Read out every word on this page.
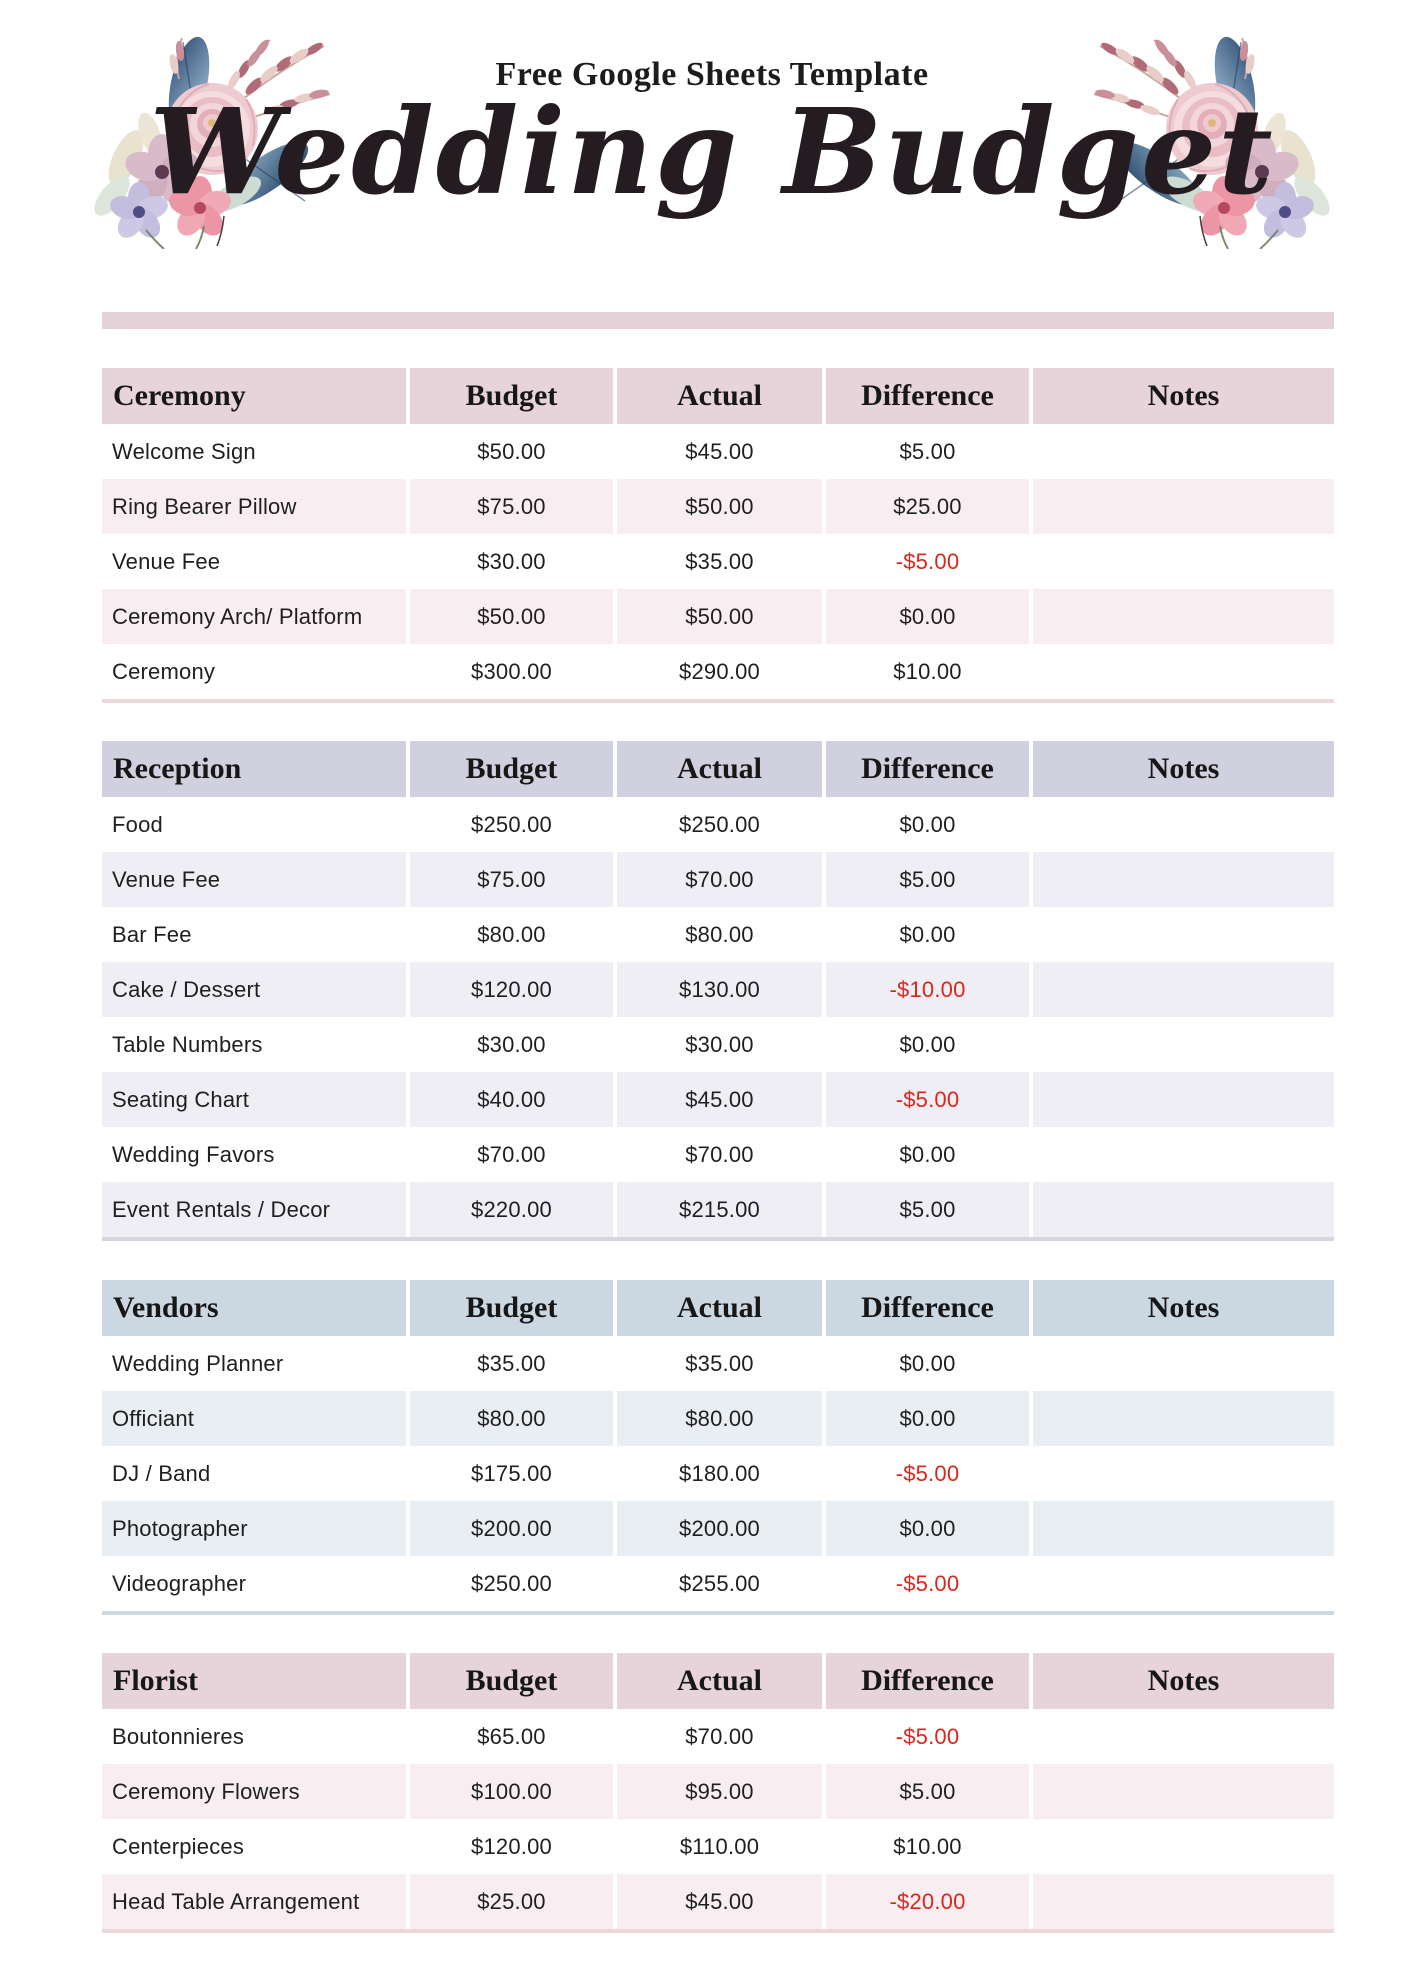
Free Google Sheets Template
Wedding Budget
Ceremony	Budget	Actual	Difference	Notes
Welcome Sign	$50.00	$45.00	$5.00
Ring Bearer Pillow	$75.00	$50.00	$25.00
Venue Fee	$30.00	$35.00	-$5.00
Ceremony Arch/ Platform	$50.00	$50.00	$0.00
Ceremony	$300.00	$290.00	$10.00
Reception	Budget	Actual	Difference	Notes
Food	$250.00	$250.00	$0.00
Venue Fee	$75.00	$70.00	$5.00
Bar Fee	$80.00	$80.00	$0.00
Cake / Dessert	$120.00	$130.00	-$10.00
Table Numbers	$30.00	$30.00	$0.00
Seating Chart	$40.00	$45.00	-$5.00
Wedding Favors	$70.00	$70.00	$0.00
Event Rentals / Decor	$220.00	$215.00	$5.00
Vendors	Budget	Actual	Difference	Notes
Wedding Planner	$35.00	$35.00	$0.00
Officiant	$80.00	$80.00	$0.00
DJ / Band	$175.00	$180.00	-$5.00
Photographer	$200.00	$200.00	$0.00
Videographer	$250.00	$255.00	-$5.00
Florist	Budget	Actual	Difference	Notes
Boutonnieres	$65.00	$70.00	-$5.00
Ceremony Flowers	$100.00	$95.00	$5.00
Centerpieces	$120.00	$110.00	$10.00
Head Table Arrangement	$25.00	$45.00	-$20.00
